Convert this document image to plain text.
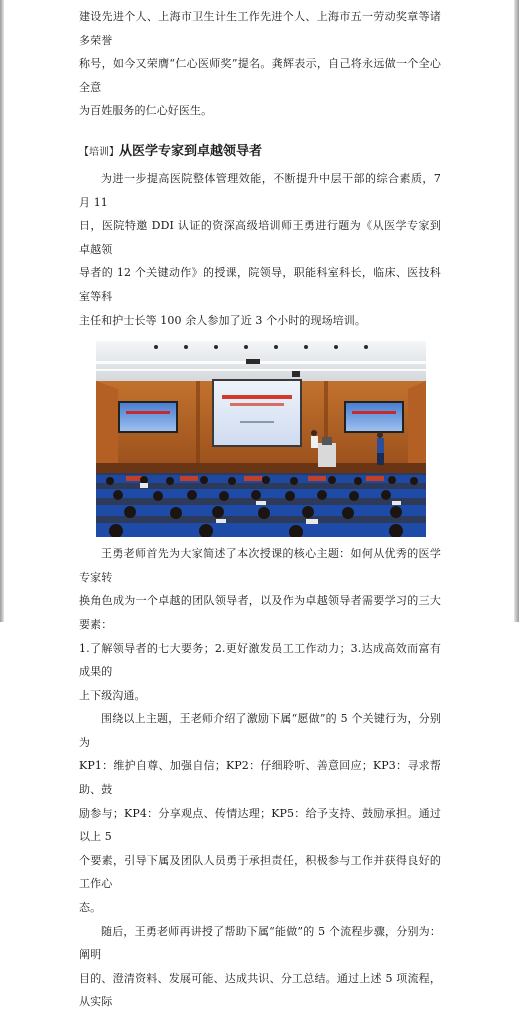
建设先进个人、上海市卫生计生工作先进个人、上海市五一劳动奖章等诸多荣誉

称号，如今又荣膺“仁心医师奖”提名。龚辉表示，自己将永远做一个全心全意

为百姓服务的仁心好医生。

【培训】从医学专家到卓越领导者

为进一步提高医院整体管理效能，不断提升中层干部的综合素质，7 月 11

日，医院特邀 DDI 认证的资深高级培训师王勇进行题为《从医学专家到卓越领

导者的 12 个关键动作》的授课，院领导，职能科室科长，临床、医技科室等科

主任和护士长等 100 余人参加了近 3 个小时的现场培训。

王勇老师首先为大家简述了本次授课的核心主题：如何从优秀的医学专家转

换角色成为一个卓越的团队领导者，以及作为卓越领导者需要学习的三大要素：

1.了解领导者的七大要务；2.更好激发员工工作动力；3.达成高效而富有成果的

上下级沟通。

围绕以上主题，王老师介绍了激励下属“愿做”的 5 个关键行为，分别为

KP1：维护自尊、加强自信；KP2：仔细聆听、善意回应；KP3：寻求帮助、鼓

励参与；KP4：分享观点、传情达理；KP5：给予支持、鼓励承担。通过以上 5

个要素，引导下属及团队人员勇于承担责任，积极参与工作并获得良好的工作心

态。

随后，王勇老师再讲授了帮助下属“能做”的 5 个流程步骤，分别为：阐明

目的、澄清资料、发展可能、达成共识、分工总结。通过上述 5 项流程，从实际
